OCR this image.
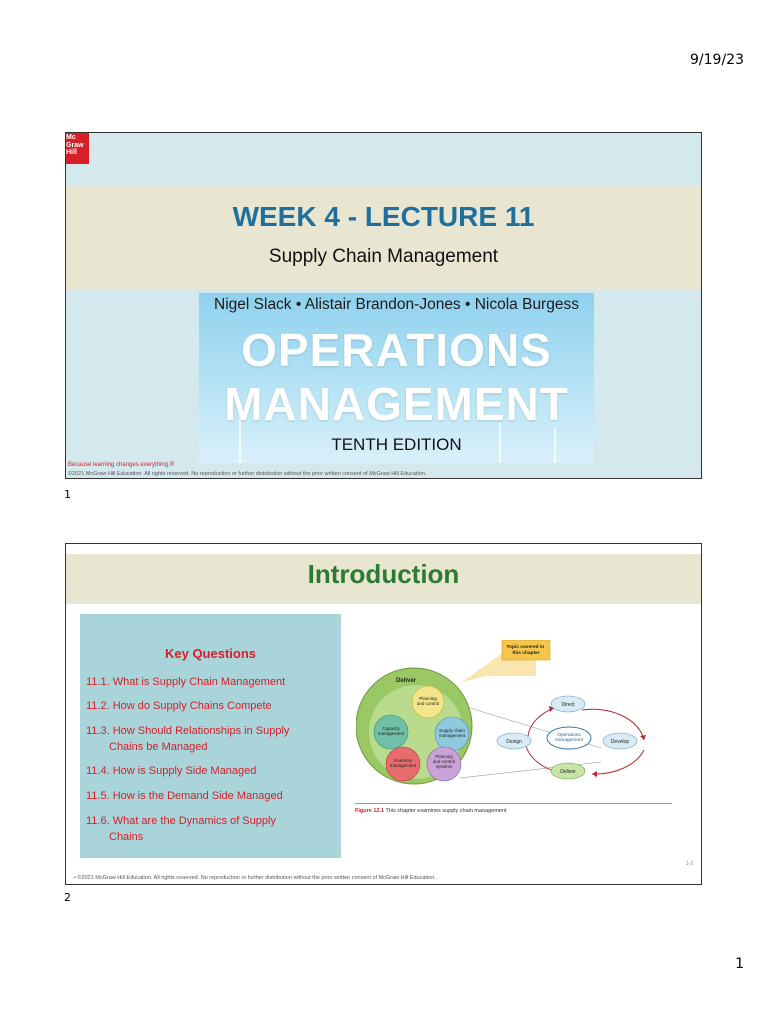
9/19/23
Mc
Graw
Hill
WEEK 4 - LECTURE 11
Supply Chain Management
Nigel Slack • Alistair Brandon-Jones • Nicola Burgess
OPERATIONS
MANAGEMENT
TENTH EDITION
Because learning changes everything.®
©2021 McGraw Hill Education. All rights reserved. No reproduction or further distribution without the prior written consent of McGraw Hill Education.
1
Introduction
Key Questions
11.1. What is Supply Chain Management
11.2. How do Supply Chains Compete
11.3. How Should Relationships in Supply
Chains be Managed
11.4. How is Supply Side Managed
11.5. How is the Demand Side Managed
11.6. What are the Dynamics of Supply
Chains
Deliver
Topic covered in this chapter
Planning and control
Capacity management
Supply chain management
Inventory management
Planning and control systems
Direct
Design	Develop
Deliver
Operations management
Figure 12.1 This chapter examines supply chain management
1-2
• ©2021 McGraw Hill Education. All rights reserved. No reproduction or further distribution without the prior written consent of McGraw Hill Education.
2
1
